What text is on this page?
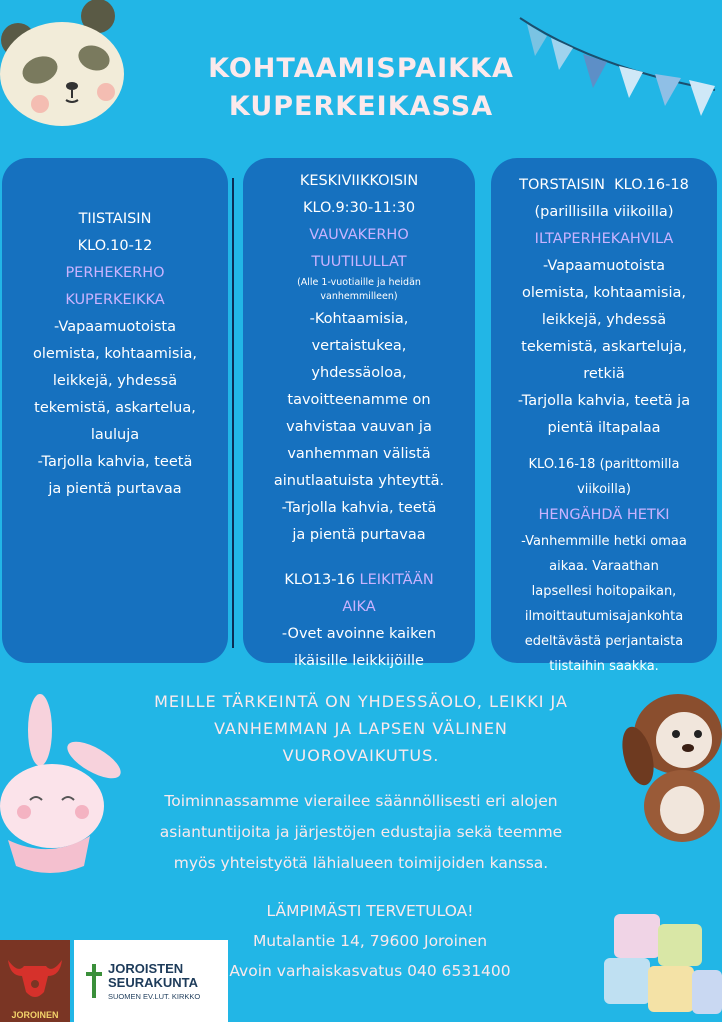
KOHTAAMISPAIKKA
KUPERKEIKASSA
TIISTAISIN
KLO.10-12
PERHEKERHO
KUPERKEIKKA
-Vapaamuotoista
olemista, kohtaamisia,
leikkejä, yhdessä
tekemistä, askartelua,
lauluja
-Tarjolla kahvia, teetä
ja pientä purtavaa
KESKIVIIKKOISIN
KLO.9:30-11:30
VAUVAKERHO
TUUTILULLAT
(Alle 1-vuotiaille ja heidän vanhemmilleen)
-Kohtaamisia,
vertaistukea,
yhdessäoloa,
tavoitteenamme on
vahvistaa vauvan ja
vanhemman välistä
ainutlaatuista yhteyttä.
-Tarjolla kahvia, teetä
ja pientä purtavaa
KLO13-16 LEIKITÄÄN
AIKA
-Ovet avoinne kaiken
ikäisille leikkijöille
TORSTAISIN  KLO.16-18
(parillisilla viikoilla)
ILTAPERHEKAHVILA
-Vapaamuotoista
olemista, kohtaamisia,
leikkejä, yhdessä
tekemistä, askarteluja,
retkiä
-Tarjolla kahvia, teetä ja
pientä iltapalaa
KLO.16-18 (parittomilla
viikoilla)
HENGÄHDÄ HETKI
-Vanhemmille hetki omaa
aikaa. Varaathan
lapsellesi hoitopaikan,
ilmoittautumisajankohta
edeltävästä perjantaista
tiistaihin saakka.
MEILLE TÄRKEINTÄ ON YHDESSÄOLO, LEIKKI JA
VANHEMMAN JA LAPSEN VÄLINEN
VUOROVAIKUTUS.
Toiminnassamme vierailee säännöllisesti eri alojen
asiantuntijoita ja järjestöjen edustajia sekä teemme
myös yhteistyötä lähialueen toimijoiden kanssa.
LÄMPIMÄSTI TERVETULOA!
Mutalantie 14, 79600 Joroinen
Avoin varhaiskasvatus 040 6531400
JOROINEN
JOROISTEN
SEURAKUNTA
SUOMEN EV.LUT. KIRKKO
